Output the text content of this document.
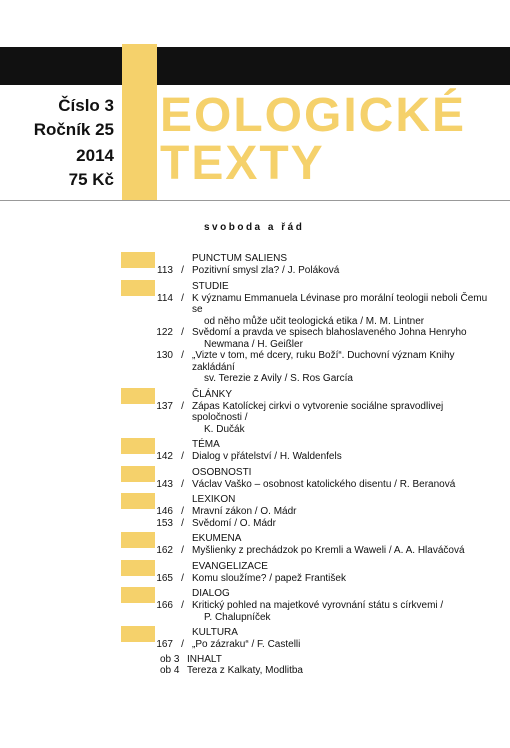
Číslo 3
Ročník 25
2014
75 Kč
EOLOGICKÉ
TEXTY
svoboda a řád
PUNCTUM SALIENS
113 / Pozitivní smysl zla? / J. Poláková
STUDIE
114 / K významu Emmanuela Lévinase pro morální teologii neboli Čemu se
od něho může učit teologická etika / M. M. Lintner
122 / Svědomí a pravda ve spisech blahoslaveného Johna Henryho
Newmana / H. Geißler
130 / „Vizte v tom, mé dcery, ruku Boží“. Duchovní význam Knihy zakládání
sv. Terezie z Avily / S. Ros García
ČLÁNKY
137 / Zápas Katolíckej cirkvi o vytvorenie sociálne spravodlivej spoločnosti /
K. Dučák
TÉMA
142 / Dialog v přátelství / H. Waldenfels
OSOBNOSTI
143 / Václav Vaško – osobnost katolického disentu / R. Beranová
LEXIKON
146 / Mravní zákon / O. Mádr
153 / Svědomí / O. Mádr
EKUMENA
162 / Myšlienky z prechádzok po Kremli a Waweli / A. A. Hlaváčová
EVANGELIZACE
165 / Komu sloužíme? / papež František
DIALOG
166 / Kritický pohled na majetkové vyrovnání státu s církvemi /
P. Chalupníček
KULTURA
167 / „Po zázraku“ / F. Castelli
ob 3 INHALT
ob 4 Tereza z Kalkaty, Modlitba
